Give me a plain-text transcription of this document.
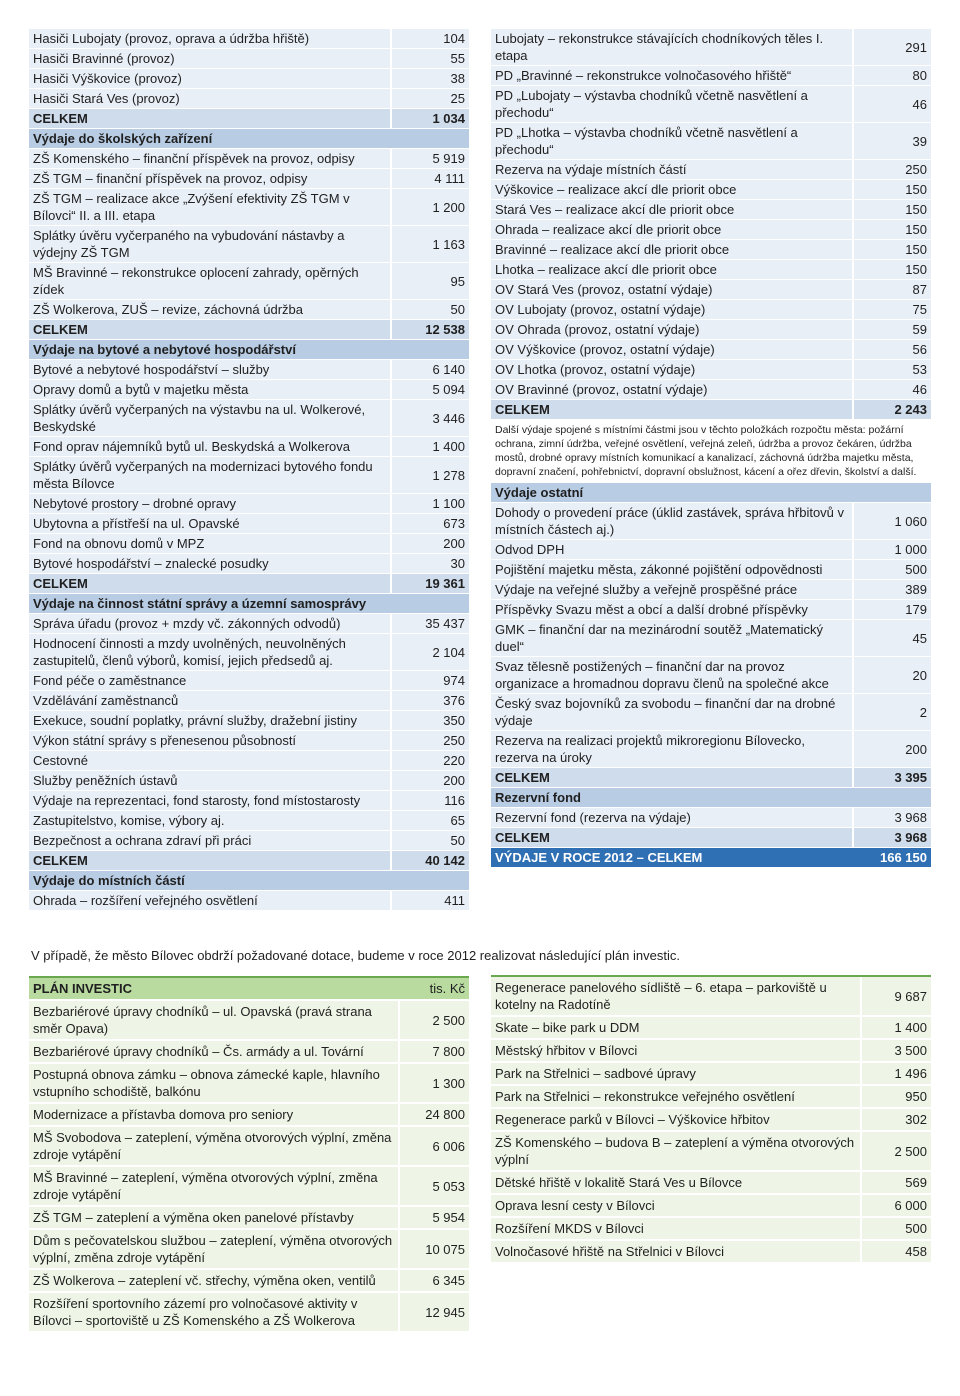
Hasiči Lubojaty (provoz, oprava a údržba hřiště)	104
Hasiči Bravinné (provoz)	55
Hasiči Výškovice (provoz)	38
Hasiči Stará Ves (provoz)	25
CELKEM	1 034
Výdaje do školských zařízení	
ZŠ Komenského – finanční příspěvek na provoz, odpisy	5 919
ZŠ TGM – finanční příspěvek na provoz, odpisy	4 111
ZŠ TGM – realizace akce „Zvýšení efektivity ZŠ TGM v Bílovci“ II. a III. etapa	1 200
Splátky úvěru vyčerpaného na vybudování nástavby a výdejny ZŠ TGM	1 163
MŠ Bravinné – rekonstrukce oplocení zahrady, opěrných zídek	95
ZŠ Wolkerova, ZUŠ – revize, záchovná údržba	50
CELKEM	12 538
Výdaje na bytové a nebytové hospodářství	
Bytové a nebytové hospodářství – služby	6 140
Opravy domů a bytů v majetku města	5 094
Splátky úvěrů vyčerpaných na výstavbu na ul. Wolkerové, Beskydské	3 446
Fond oprav nájemníků bytů ul. Beskydská a Wolkerova	1 400
Splátky úvěrů vyčerpaných na modernizaci bytového fondu města Bílovce	1 278
Nebytové prostory – drobné opravy	1 100
Ubytovna a přístřeší na ul. Opavské	673
Fond na obnovu domů v MPZ	200
Bytové hospodářství – znalecké posudky	30
CELKEM	19 361
Výdaje na činnost státní správy a územní samosprávy	
Správa úřadu (provoz + mzdy vč. zákonných odvodů)	35 437
Hodnocení činnosti a mzdy uvolněných, neuvolněných zastupitelů, členů výborů, komisí, jejich předsedů aj.	2 104
Fond péče o zaměstnance	974
Vzdělávání zaměstnanců	376
Exekuce, soudní poplatky, právní služby, dražební jistiny	350
Výkon státní správy s přenesenou působností	250
Cestovné	220
Služby peněžních ústavů	200
Výdaje na reprezentaci, fond starosty, fond místostarosty	116
Zastupitelstvo, komise, výbory aj.	65
Bezpečnost a ochrana zdraví při práci	50
CELKEM	40 142
Výdaje do místních částí	
Ohrada – rozšíření veřejného osvětlení	411
Lubojaty – rekonstrukce stávajících chodníkových těles I. etapa	291
PD „Bravinné – rekonstrukce volnočasového hřiště“	80
PD „Lubojaty – výstavba chodníků včetně nasvětlení a přechodu“	46
PD „Lhotka – výstavba chodníků včetně nasvětlení a přechodu“	39
Rezerva na výdaje místních částí	250
Výškovice – realizace akcí dle priorit obce	150
Stará Ves – realizace akcí dle priorit obce	150
Ohrada – realizace akcí dle priorit obce	150
Bravinné – realizace akcí dle priorit obce	150
Lhotka – realizace akcí dle priorit obce	150
OV Stará Ves (provoz, ostatní výdaje)	87
OV Lubojaty (provoz, ostatní výdaje)	75
OV Ohrada (provoz, ostatní výdaje)	59
OV Výškovice (provoz, ostatní výdaje)	56
OV Lhotka (provoz, ostatní výdaje)	53
OV Bravinné (provoz, ostatní výdaje)	46
CELKEM	2 243
Další výdaje spojené s místními částmi jsou v těchto položkách rozpočtu města: požární ochrana, zimní údržba, veřejné osvětlení, veřejná zeleň, údržba a provoz čekáren, údržba mostů, drobné opravy místních komunikací a kanalizací, záchovná údržba majetku města, dopravní značení, pohřebnictví, dopravní obslužnost, kácení a ořez dřevin, školství a další.	
Výdaje ostatní	
Dohody o provedení práce (úklid zastávek, správa hřbitovů v místních částech aj.)	1 060
Odvod DPH	1 000
Pojištění majetku města, zákonné pojištění odpovědnosti	500
Výdaje na veřejné služby a veřejně prospěšné práce	389
Příspěvky Svazu měst a obcí a další drobné příspěvky	179
GMK – finanční dar na mezinárodní soutěž „Matematický duel“	45
Svaz tělesně postižených – finanční dar na provoz organizace a hromadnou dopravu členů na společné akce	20
Český svaz bojovníků za svobodu – finanční dar na drobné výdaje	2
Rezerva na realizaci projektů mikroregionu Bílovecko, rezerva na úroky	200
CELKEM	3 395
Rezervní fond	
Rezervní fond (rezerva na výdaje)	3 968
CELKEM	3 968
VÝDAJE V ROCE 2012 – CELKEM	166 150
V případě, že město Bílovec obdrží požadované dotace, budeme v roce 2012 realizovat následující plán investic.
PLÁN INVESTIC	tis. Kč
Bezbariérové úpravy chodníků – ul. Opavská (pravá strana směr Opava)	2 500
Bezbariérové úpravy chodníků – Čs. armády a ul. Tovární	7 800
Postupná obnova zámku – obnova zámecké kaple, hlavního vstupního schodiště, balkónu	1 300
Modernizace a přístavba domova pro seniory	24 800
MŠ Svobodova – zateplení, výměna otvorových výplní, změna zdroje vytápění	6 006
MŠ Bravinné – zateplení, výměna otvorových výplní, změna zdroje vytápění	5 053
ZŠ TGM – zateplení a výměna oken panelové přístavby	5 954
Dům s pečovatelskou službou – zateplení, výměna otvorových výplní, změna zdroje vytápění	10 075
ZŠ Wolkerova – zateplení vč. střechy, výměna oken, ventilů	6 345
Rozšíření sportovního zázemí pro volnočasové aktivity v Bílovci – sportoviště u ZŠ Komenského a ZŠ Wolkerova	12 945
Regenerace panelového sídliště – 6. etapa – parkoviště u kotelny na Radotíně	9 687
Skate – bike park u DDM	1 400
Městský hřbitov v Bílovci	3 500
Park na Střelnici – sadbové úpravy	1 496
Park na Střelnici – rekonstrukce veřejného osvětlení	950
Regenerace parků v Bílovci – Výškovice hřbitov	302
ZŠ Komenského – budova B – zateplení a výměna otvorových výplní	2 500
Dětské hřiště v lokalitě Stará Ves u Bílovce	569
Oprava lesní cesty v Bílovci	6 000
Rozšíření MKDS v Bílovci	500
Volnočasové hřiště na Střelnici v Bílovci	458
